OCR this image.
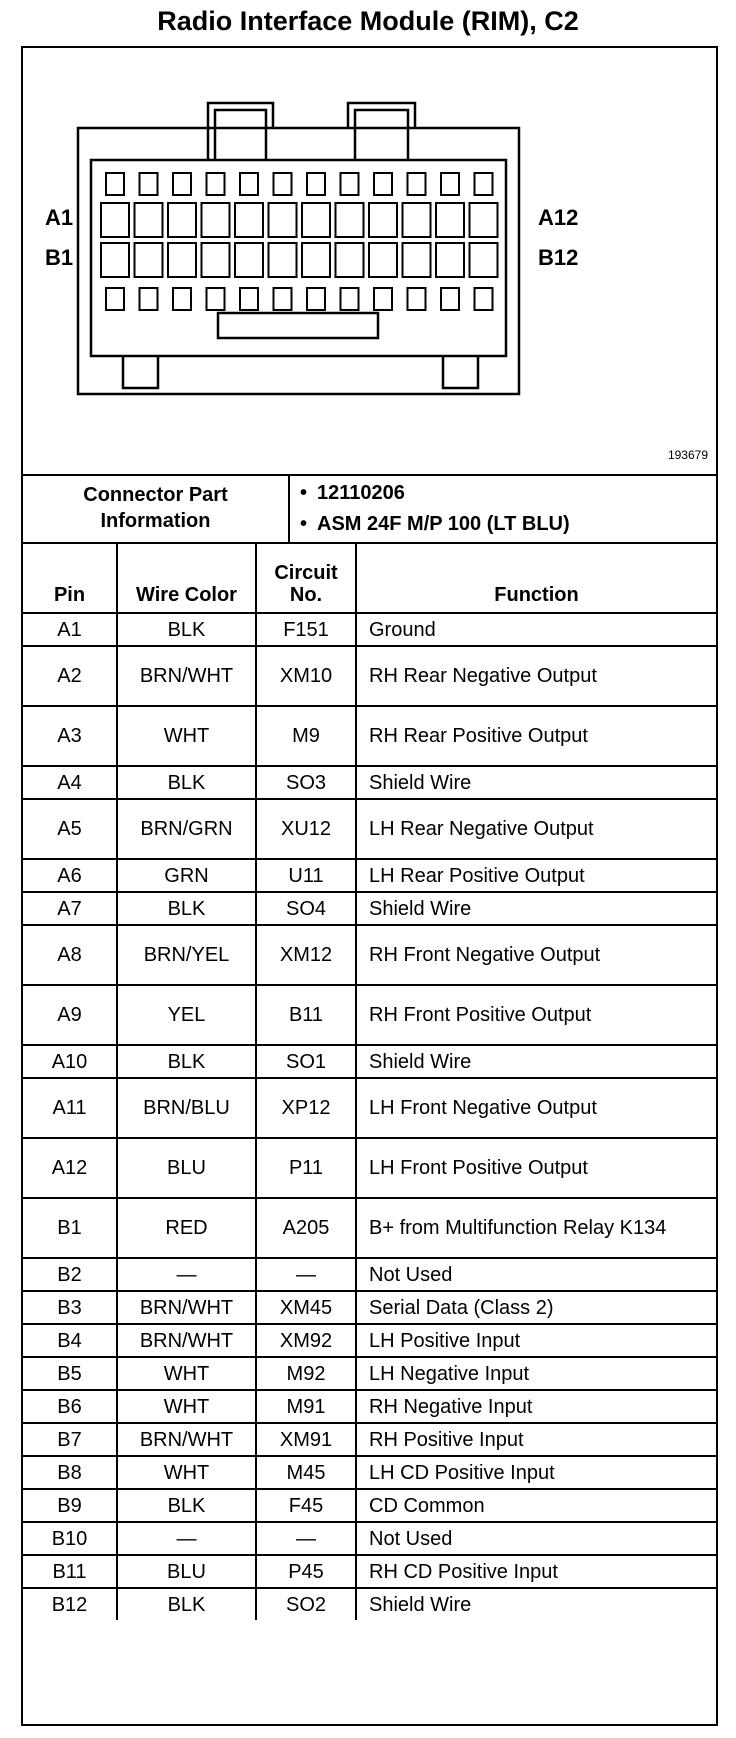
Radio Interface Module (RIM), C2
A1	A12
B1	B12
193679
Connector Part Information
• 12110206
• ASM 24F M/P 100 (LT BLU)
Pin	Wire Color	Circuit No.	Function
A1	BLK	F151	Ground
A2	BRN/WHT	XM10	RH Rear Negative Output
A3	WHT	M9	RH Rear Positive Output
A4	BLK	SO3	Shield Wire
A5	BRN/GRN	XU12	LH Rear Negative Output
A6	GRN	U11	LH Rear Positive Output
A7	BLK	SO4	Shield Wire
A8	BRN/YEL	XM12	RH Front Negative Output
A9	YEL	B11	RH Front Positive Output
A10	BLK	SO1	Shield Wire
A11	BRN/BLU	XP12	LH Front Negative Output
A12	BLU	P11	LH Front Positive Output
B1	RED	A205	B+ from Multifunction Relay K134
B2	—	—	Not Used
B3	BRN/WHT	XM45	Serial Data (Class 2)
B4	BRN/WHT	XM92	LH Positive Input
B5	WHT	M92	LH Negative Input
B6	WHT	M91	RH Negative Input
B7	BRN/WHT	XM91	RH Positive Input
B8	WHT	M45	LH CD Positive Input
B9	BLK	F45	CD Common
B10	—	—	Not Used
B11	BLU	P45	RH CD Positive Input
B12	BLK	SO2	Shield Wire
